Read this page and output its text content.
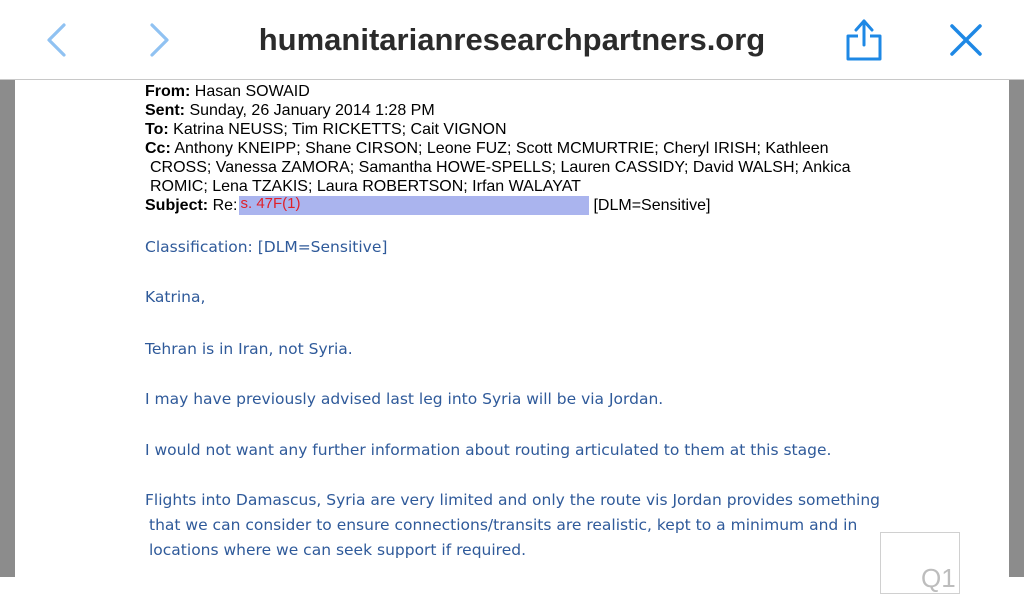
humanitarianresearchpartners.org
From: Hasan SOWAID
Sent: Sunday, 26 January 2014 1:28 PM
To: Katrina NEUSS; Tim RICKETTS; Cait VIGNON
Cc: Anthony KNEIPP; Shane CIRSON; Leone FUZ; Scott MCMURTRIE; Cheryl IRISH; Kathleen
CROSS; Vanessa ZAMORA; Samantha HOWE-SPELLS; Lauren CASSIDY; David WALSH; Ankica
ROMIC; Lena TZAKIS; Laura ROBERTSON; Irfan WALAYAT
Subject: Re: s. 47F(1)	[DLM=Sensitive]

Classification: [DLM=Sensitive]

Katrina,

Tehran is in Iran, not Syria.

I may have previously advised last leg into Syria will be via Jordan.

I would not want any further information about routing articulated to them at this stage.

Flights into Damascus, Syria are very limited and only the route vis Jordan provides something

that we can consider to ensure connections/transits are realistic, kept to a minimum and in

locations where we can seek support if required.

Q1
